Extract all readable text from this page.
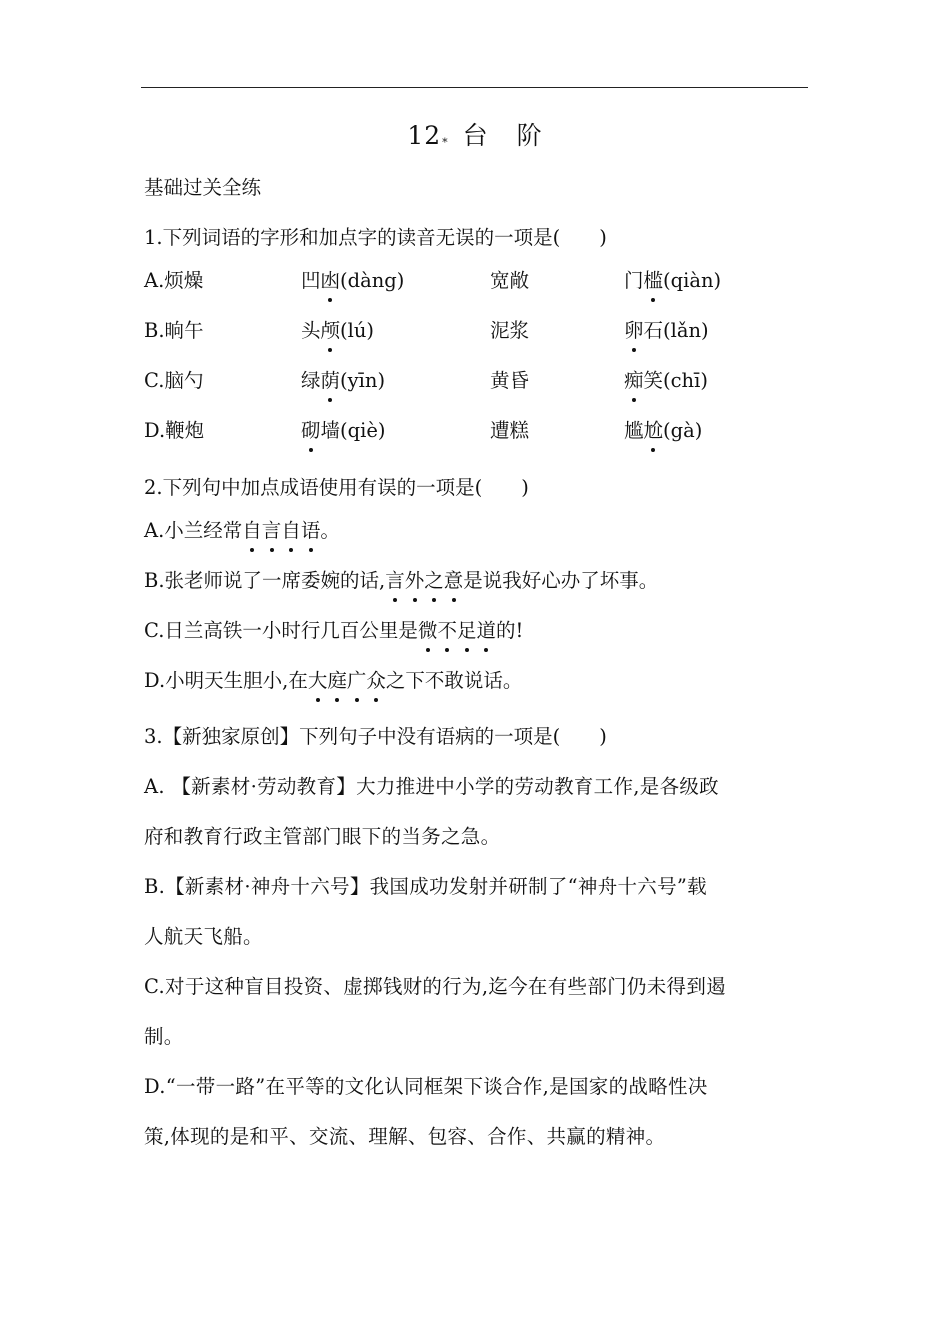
12* 台 阶
基础过关全练
1.下列词语的字形和加点字的读音无误的一项是(　　)
A.烦燥	凹凼(dàng)	宽敞	门槛(qiàn)
B.晌午	头颅(lú)	泥浆	卵石(lǎn)
C.脑勺	绿荫(yīn)	黄昏	痴笑(chī)
D.鞭炮	砌墙(qiè)	遭糕	尴尬(gà)
2.下列句中加点成语使用有误的一项是(　　)
A.小兰经常自言自语。
B.张老师说了一席委婉的话,言外之意是说我好心办了坏事。
C.日兰高铁一小时行几百公里是微不足道的!
D.小明天生胆小,在大庭广众之下不敢说话。
3.【新独家原创】下列句子中没有语病的一项是(　　)
A. 【新素材·劳动教育】大力推进中小学的劳动教育工作,是各级政
府和教育行政主管部门眼下的当务之急。
B.【新素材·神舟十六号】我国成功发射并研制了“神舟十六号”载
人航天飞船。
C.对于这种盲目投资、虚掷钱财的行为,迄今在有些部门仍未得到遏
制。
D.“一带一路”在平等的文化认同框架下谈合作,是国家的战略性决
策,体现的是和平、交流、理解、包容、合作、共赢的精神。
